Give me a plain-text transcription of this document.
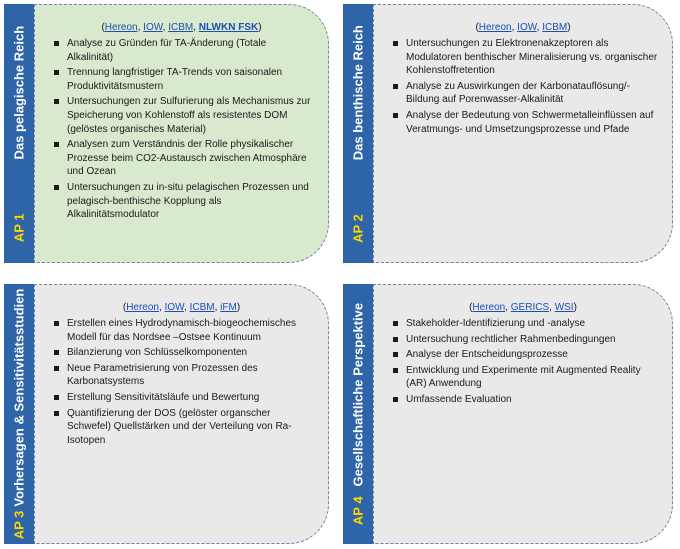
AP 1Das pelagische Reich	(Hereon, IOW, ICBM, NLWKN FSK)
Analyse zu Gründen für TA-Änderung (Totale Alkalinität)
Trennung langfristiger TA-Trends von saisonalen Produktivitätsmustern
Untersuchungen zur Sulfurierung als Mechanismus zur Speicherung von Kohlenstoff als resistentes DOM (gelöstes organisches Material)
Analysen zum Verständnis der Rolle physikalischer Prozesse beim CO2-Austausch zwischen Atmosphäre und Ozean
Untersuchungen zu in-situ pelagischen Prozessen und pelagisch-benthische Kopplung als Alkalinitätsmodulator	AP 2Das benthische Reich	(Hereon, IOW, ICBM)
Untersuchungen zu Elektronenakzeptoren als Modulatoren benthischer Mineralisierung vs. organischer Kohlenstoffretention
Analyse zu Auswirkungen der Karbonatauflösung/-Bildung auf Porenwasser-Alkalinität
Analyse der Bedeutung von Schwermetalleinflüssen auf Veratmungs- und Umsetzungsprozesse und Pfade
AP 3Vorhersagen & Sensitivitätsstudien	(Hereon, IOW, ICBM, iFM)
Erstellen eines Hydrodynamisch-biogeochemisches Modell für das Nordsee –Ostsee Kontinuum
Bilanzierung von Schlüsselkomponenten
Neue Parametrisierung von Prozessen des Karbonatsystems
Erstellung Sensitivitätsläufe und Bewertung
Quantifizierung der DOS (gelöster organscher Schwefel) Quellstärken und der Verteilung von Ra-Isotopen
AP 4Gesellschaftliche Perspektive	(Hereon, GERICS, WSI)
Stakeholder-Identifizierung und -analyse
Untersuchung rechtlicher Rahmenbedingungen
Analyse der Entscheidungsprozesse
Entwicklung und Experimente mit Augmented Reality (AR) Anwendung
Umfassende Evaluation
